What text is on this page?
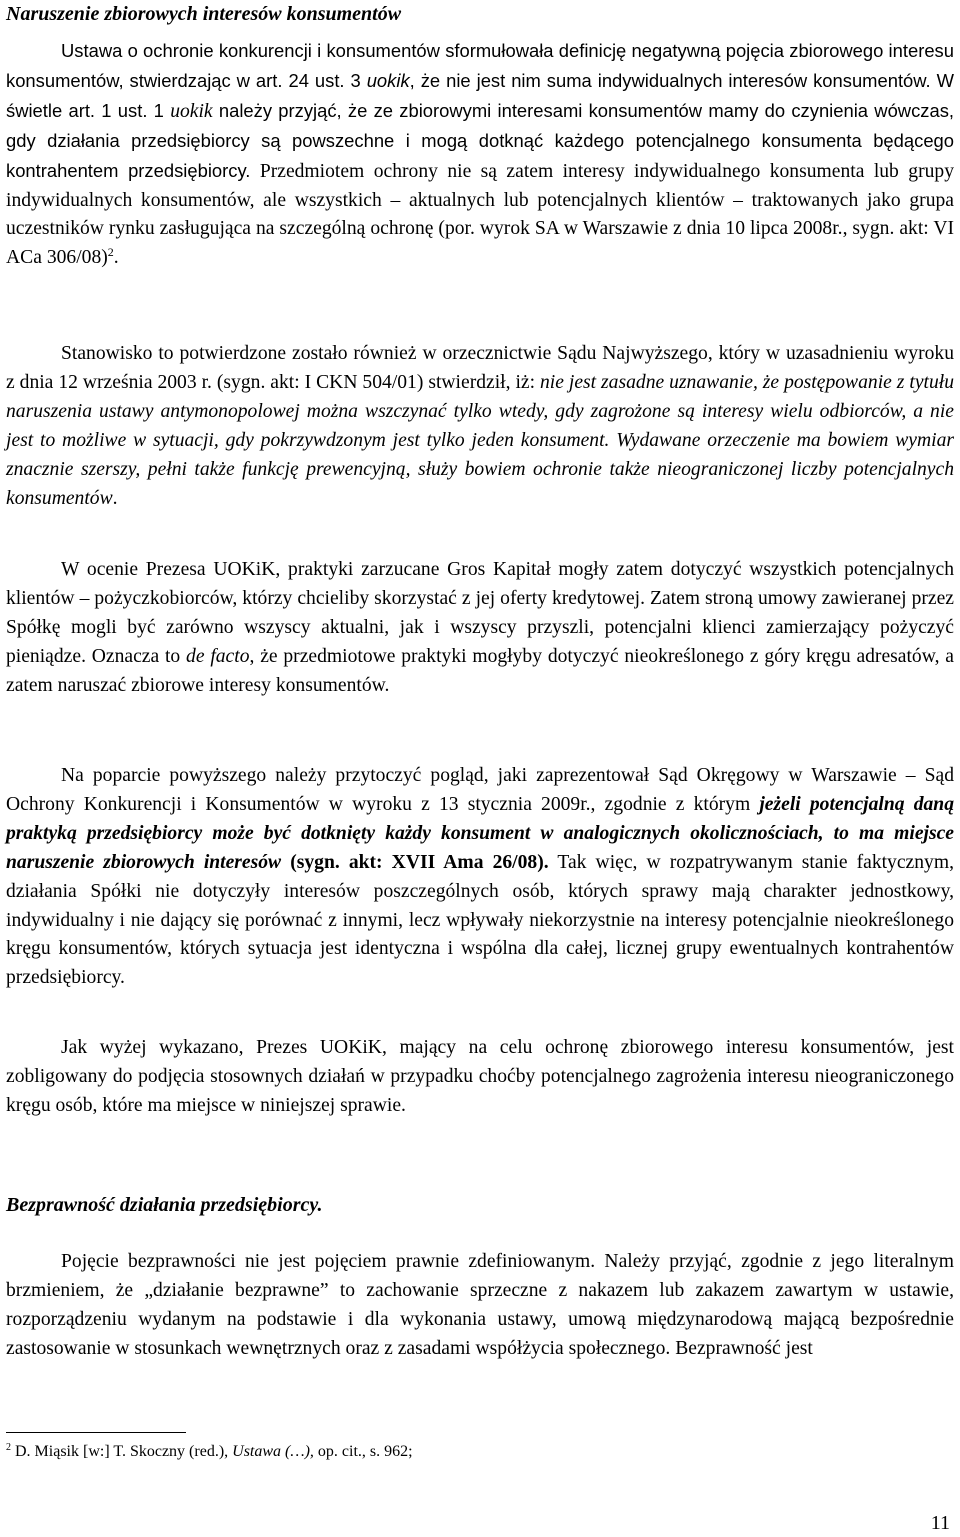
Naruszenie zbiorowych interesów konsumentów

Ustawa o ochronie konkurencji i konsumentów sformułowała definicję negatywną pojęcia zbiorowego interesu konsumentów, stwierdzając w art. 24 ust. 3 uokik, że nie jest nim suma indywidualnych interesów konsumentów. W świetle art. 1 ust. 1 uokik należy przyjąć, że ze zbiorowymi interesami konsumentów mamy do czynienia wówczas, gdy działania przedsiębiorcy są powszechne i mogą dotknąć każdego potencjalnego konsumenta będącego kontrahentem przedsiębiorcy. Przedmiotem ochrony nie są zatem interesy indywidualnego konsumenta lub grupy indywidualnych konsumentów, ale wszystkich – aktualnych lub potencjalnych klientów – traktowanych jako grupa uczestników rynku zasługująca na szczególną ochronę (por. wyrok SA w Warszawie z dnia 10 lipca 2008r., sygn. akt: VI ACa 306/08)$^2$.

Stanowisko to potwierdzone zostało również w orzecznictwie Sądu Najwyższego, który w uzasadnieniu wyroku z dnia 12 września 2003 r. (sygn. akt: I CKN 504/01) stwierdził, iż: nie jest zasadne uznawanie, że postępowanie z tytułu naruszenia ustawy antymonopolowej można wszczynać tylko wtedy, gdy zagrożone są interesy wielu odbiorców, a nie jest to możliwe w sytuacji, gdy pokrzywdzonym jest tylko jeden konsument. Wydawane orzeczenie ma bowiem wymiar znacznie szerszy, pełni także funkcję prewencyjną, służy bowiem ochronie także nieograniczonej liczby potencjalnych konsumentów.

W ocenie Prezesa UOKiK, praktyki zarzucane Gros Kapitał mogły zatem dotyczyć wszystkich potencjalnych klientów – pożyczkobiorców, którzy chcieliby skorzystać z jej oferty kredytowej. Zatem stroną umowy zawieranej przez Spółkę mogli być zarówno wszyscy aktualni, jak i wszyscy przyszli, potencjalni klienci zamierzający pożyczyć pieniądze. Oznacza to de facto, że przedmiotowe praktyki mogłyby dotyczyć nieokreślonego z góry kręgu adresatów, a zatem naruszać zbiorowe interesy konsumentów.

Na poparcie powyższego należy przytoczyć pogląd, jaki zaprezentował Sąd Okręgowy w Warszawie – Sąd Ochrony Konkurencji i Konsumentów w wyroku z 13 stycznia 2009r., zgodnie z którym jeżeli potencjalną daną praktyką przedsiębiorcy może być dotknięty każdy konsument w analogicznych okolicznościach, to ma miejsce naruszenie zbiorowych interesów (sygn. akt: XVII Ama 26/08). Tak więc, w rozpatrywanym stanie faktycznym, działania Spółki nie dotyczyły interesów poszczególnych osób, których sprawy mają charakter jednostkowy, indywidualny i nie dający się porównać z innymi, lecz wpływały niekorzystnie na interesy potencjalnie nieokreślonego kręgu konsumentów, których sytuacja jest identyczna i wspólna dla całej, licznej grupy ewentualnych kontrahentów przedsiębiorcy.

Jak wyżej wykazano, Prezes UOKiK, mający na celu ochronę zbiorowego interesu konsumentów, jest zobligowany do podjęcia stosownych działań w przypadku choćby potencjalnego zagrożenia interesu nieograniczonego kręgu osób, które ma miejsce w niniejszej sprawie.

Bezprawność działania przedsiębiorcy.

Pojęcie bezprawności nie jest pojęciem prawnie zdefiniowanym. Należy przyjąć, zgodnie z jego literalnym brzmieniem, że „działanie bezprawne” to zachowanie sprzeczne z nakazem lub zakazem zawartym w ustawie, rozporządzeniu wydanym na podstawie i dla wykonania ustawy, umową międzynarodową mającą bezpośrednie zastosowanie w stosunkach wewnętrznych oraz z zasadami współżycia społecznego. Bezprawność jest

$^2$ D. Miąsik [w:] T. Skoczny (red.), Ustawa (…), op. cit., s. 962;

11
